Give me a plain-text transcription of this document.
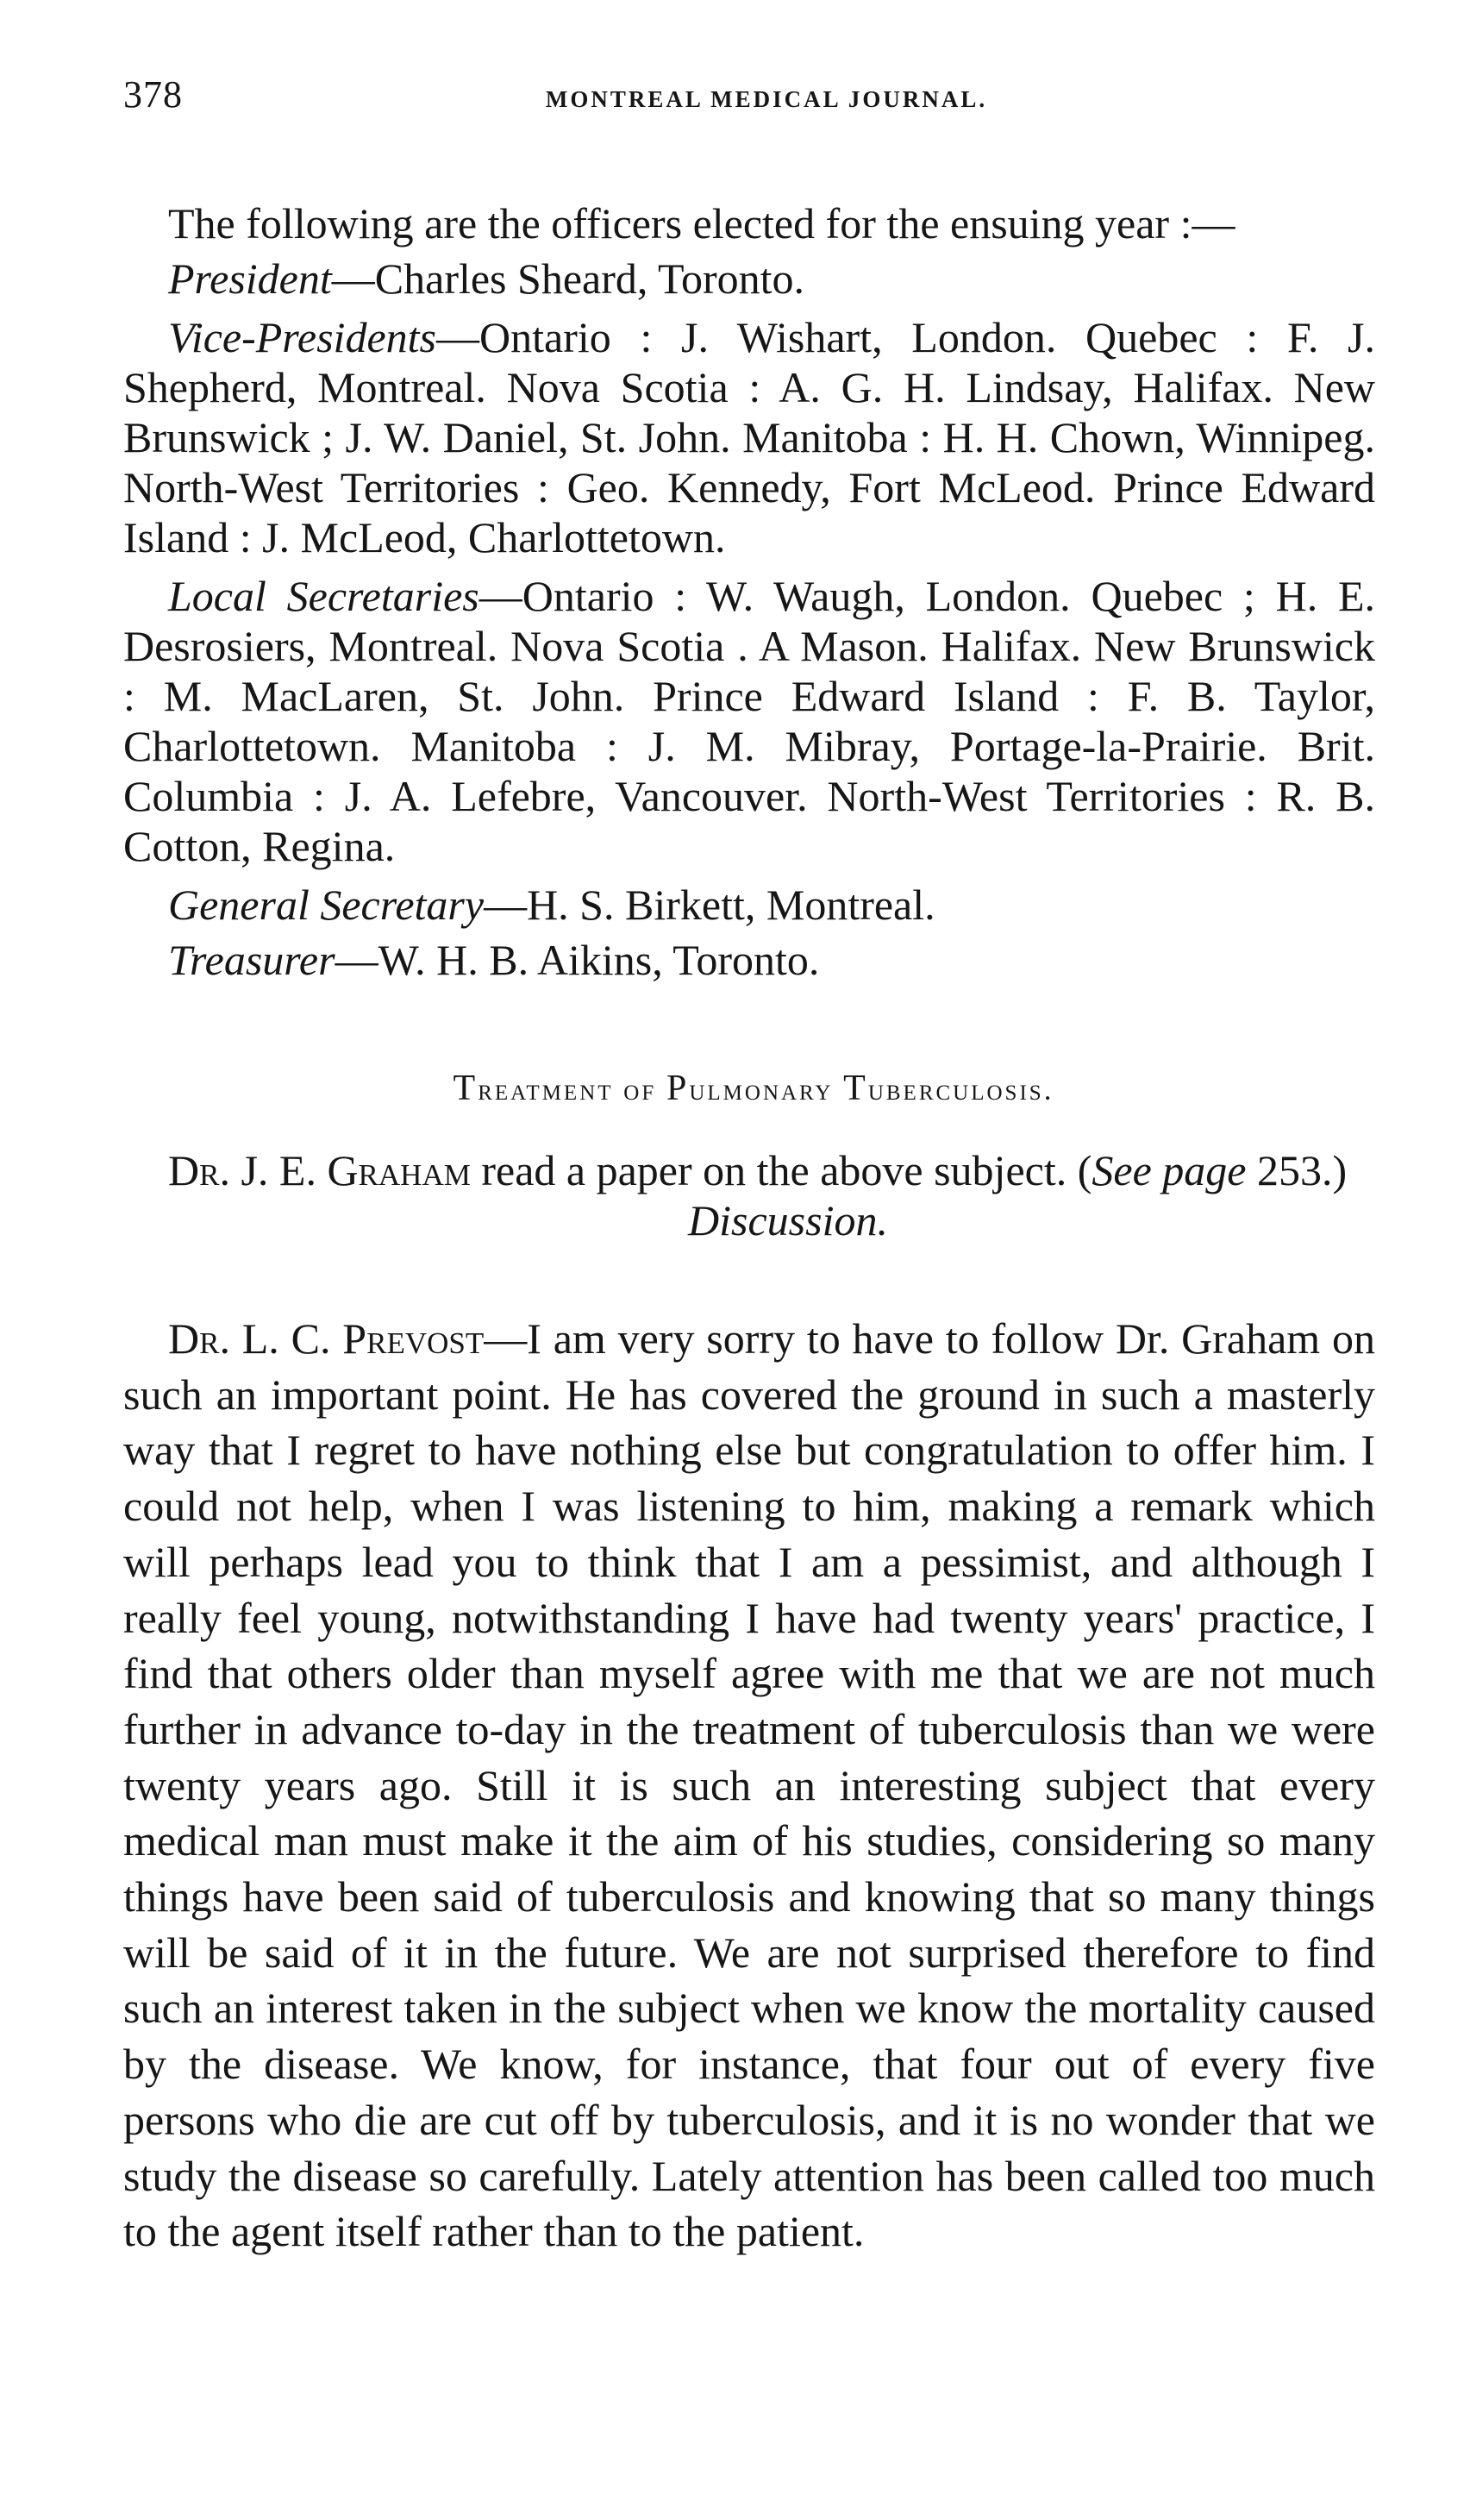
378	MONTREAL MEDICAL JOURNAL.

The following are the officers elected for the ensuing year :—

President—Charles Sheard, Toronto.

Vice-Presidents—Ontario : J. Wishart, London. Quebec : F. J. Shepherd, Montreal. Nova Scotia : A. G. H. Lindsay, Halifax. New Brunswick ; J. W. Daniel, St. John. Manitoba : H. H. Chown, Winnipeg. North-West Territories : Geo. Kennedy, Fort McLeod. Prince Edward Island : J. McLeod, Charlottetown.

Local Secretaries—Ontario : W. Waugh, London. Quebec ; H. E. Desrosiers, Montreal. Nova Scotia . A Mason. Halifax. New Brunswick : M. MacLaren, St. John. Prince Edward Island : F. B. Taylor, Charlottetown. Manitoba : J. M. Mibray, Portage-la-Prairie. Brit. Columbia : J. A. Lefebre, Vancouver. North-West Territories : R. B. Cotton, Regina.

General Secretary—H. S. Birkett, Montreal.

Treasurer—W. H. B. Aikins, Toronto.

Treatment of Pulmonary Tuberculosis.

Dr. J. E. Graham read a paper on the above subject. (See page 253.)

Discussion.

Dr. L. C. Prevost—I am very sorry to have to follow Dr. Graham on such an important point. He has covered the ground in such a masterly way that I regret to have nothing else but congratulation to offer him. I could not help, when I was listening to him, making a remark which will perhaps lead you to think that I am a pessimist, and although I really feel young, notwithstanding I have had twenty years' practice, I find that others older than myself agree with me that we are not much further in advance to-day in the treatment of tuberculosis than we were twenty years ago. Still it is such an interesting subject that every medical man must make it the aim of his studies, considering so many things have been said of tuberculosis and knowing that so many things will be said of it in the future. We are not surprised therefore to find such an interest taken in the subject when we know the mortality caused by the disease. We know, for instance, that four out of every five persons who die are cut off by tuberculosis, and it is no wonder that we study the disease so carefully. Lately attention has been called too much to the agent itself rather than to the patient.
